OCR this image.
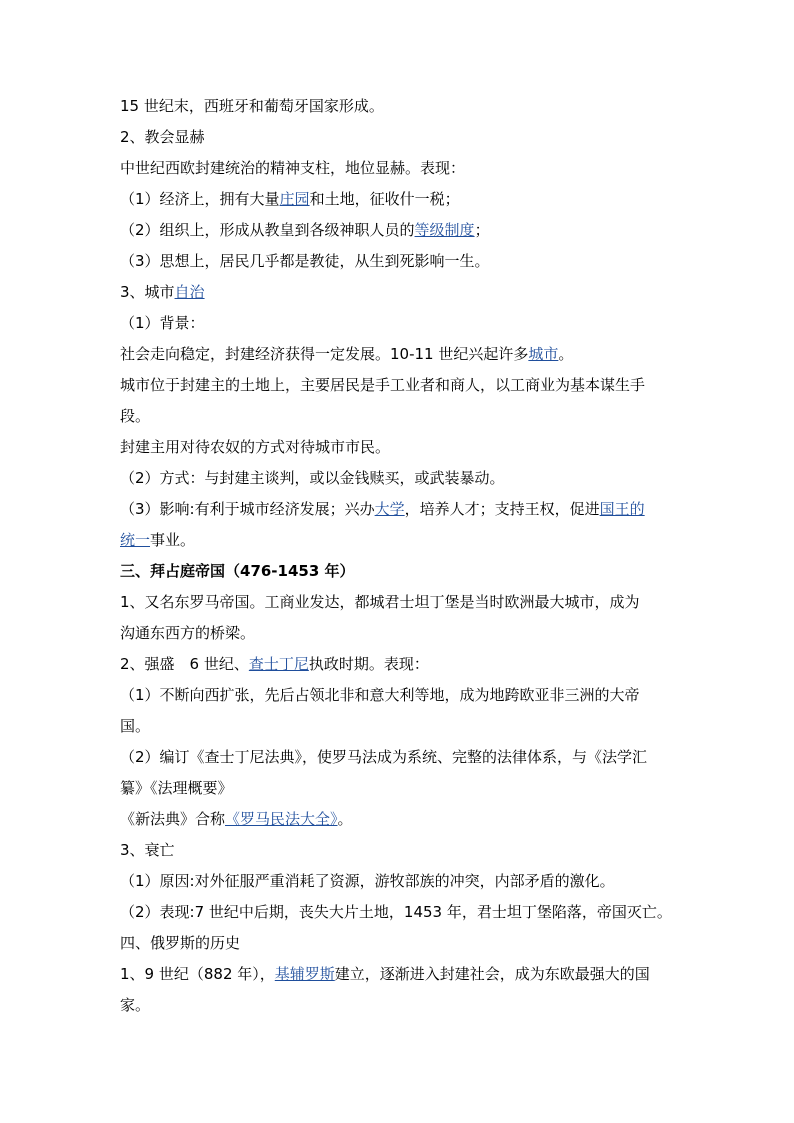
15 世纪末，西班牙和葡萄牙国家形成。

2、教会显赫

中世纪西欧封建统治的精神支柱，地位显赫。表现：

（1）经济上，拥有大量庄园和土地，征收什一税；

（2）组织上，形成从教皇到各级神职人员的等级制度；

（3）思想上，居民几乎都是教徒，从生到死影响一生。

3、城市自治

（1）背景：

社会走向稳定，封建经济获得一定发展。10-11 世纪兴起许多城市。

城市位于封建主的土地上，主要居民是手工业者和商人，以工商业为基本谋生手

段。

封建主用对待农奴的方式对待城市市民。

（2）方式：与封建主谈判，或以金钱赎买，或武装暴动。

（3）影响:有利于城市经济发展；兴办大学，培养人才；支持王权，促进国王的

统一事业。

三、拜占庭帝国（476-1453 年）

1、又名东罗马帝国。工商业发达，都城君士坦丁堡是当时欧洲最大城市，成为

沟通东西方的桥梁。

2、强盛　6 世纪、查士丁尼执政时期。表现：

（1）不断向西扩张，先后占领北非和意大利等地，成为地跨欧亚非三洲的大帝

国。

（2）编订《查士丁尼法典》，使罗马法成为系统、完整的法律体系，与《法学汇

纂》《法理概要》

《新法典》合称《罗马民法大全》。

3、衰亡

（1）原因:对外征服严重消耗了资源，游牧部族的冲突，内部矛盾的激化。

（2）表现:7 世纪中后期，丧失大片土地，1453 年，君士坦丁堡陷落，帝国灭亡。

四、俄罗斯的历史

1、9 世纪（882 年），基辅罗斯建立，逐渐进入封建社会，成为东欧最强大的国

家。
